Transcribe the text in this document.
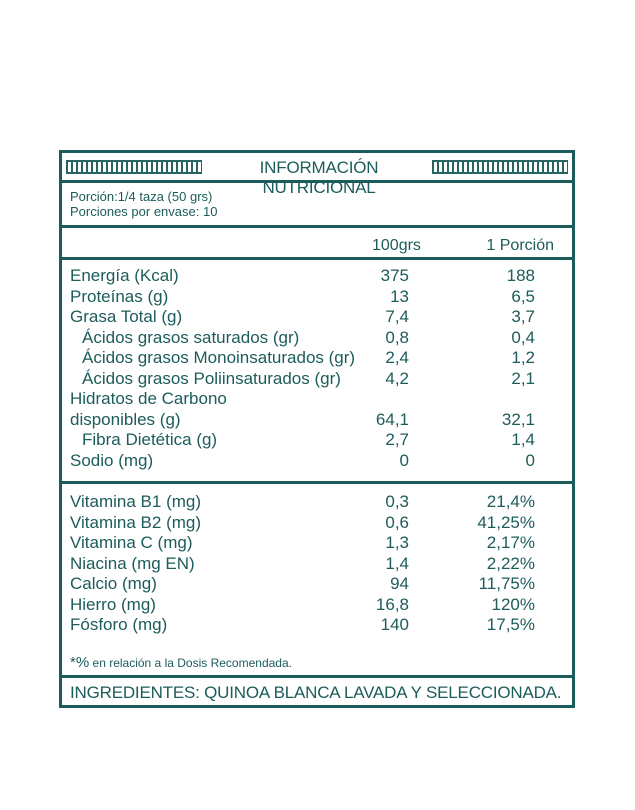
INFORMACIÓN NUTRICIONAL
Porción:1/4 taza (50 grs)
Porciones por envase: 10
100grs	1 Porción
Energía (Kcal)	375	188
Proteínas (g)	13	6,5
Grasa Total (g)	7,4	3,7
Ácidos grasos saturados (gr)	0,8	0,4
Ácidos grasos Monoinsaturados (gr) 2,4	1,2
Ácidos grasos Poliinsaturados (gr)	4,2	2,1
Hidratos de Carbono
disponibles (g)	64,1	32,1
Fibra Dietética (g)	2,7	1,4
Sodio (mg)	0	0
Vitamina B1 (mg)	0,3	21,4%
Vitamina B2 (mg)	0,6	41,25%
Vitamina C (mg)	1,3	2,17%
Niacina (mg EN)	1,4	2,22%
Calcio (mg)	94	11,75%
Hierro (mg)	16,8	120%
Fósforo (mg)	140	17,5%
*% en relación a la Dosis Recomendada.
INGREDIENTES: QUINOA BLANCA LAVADA Y SELECCIONADA.
